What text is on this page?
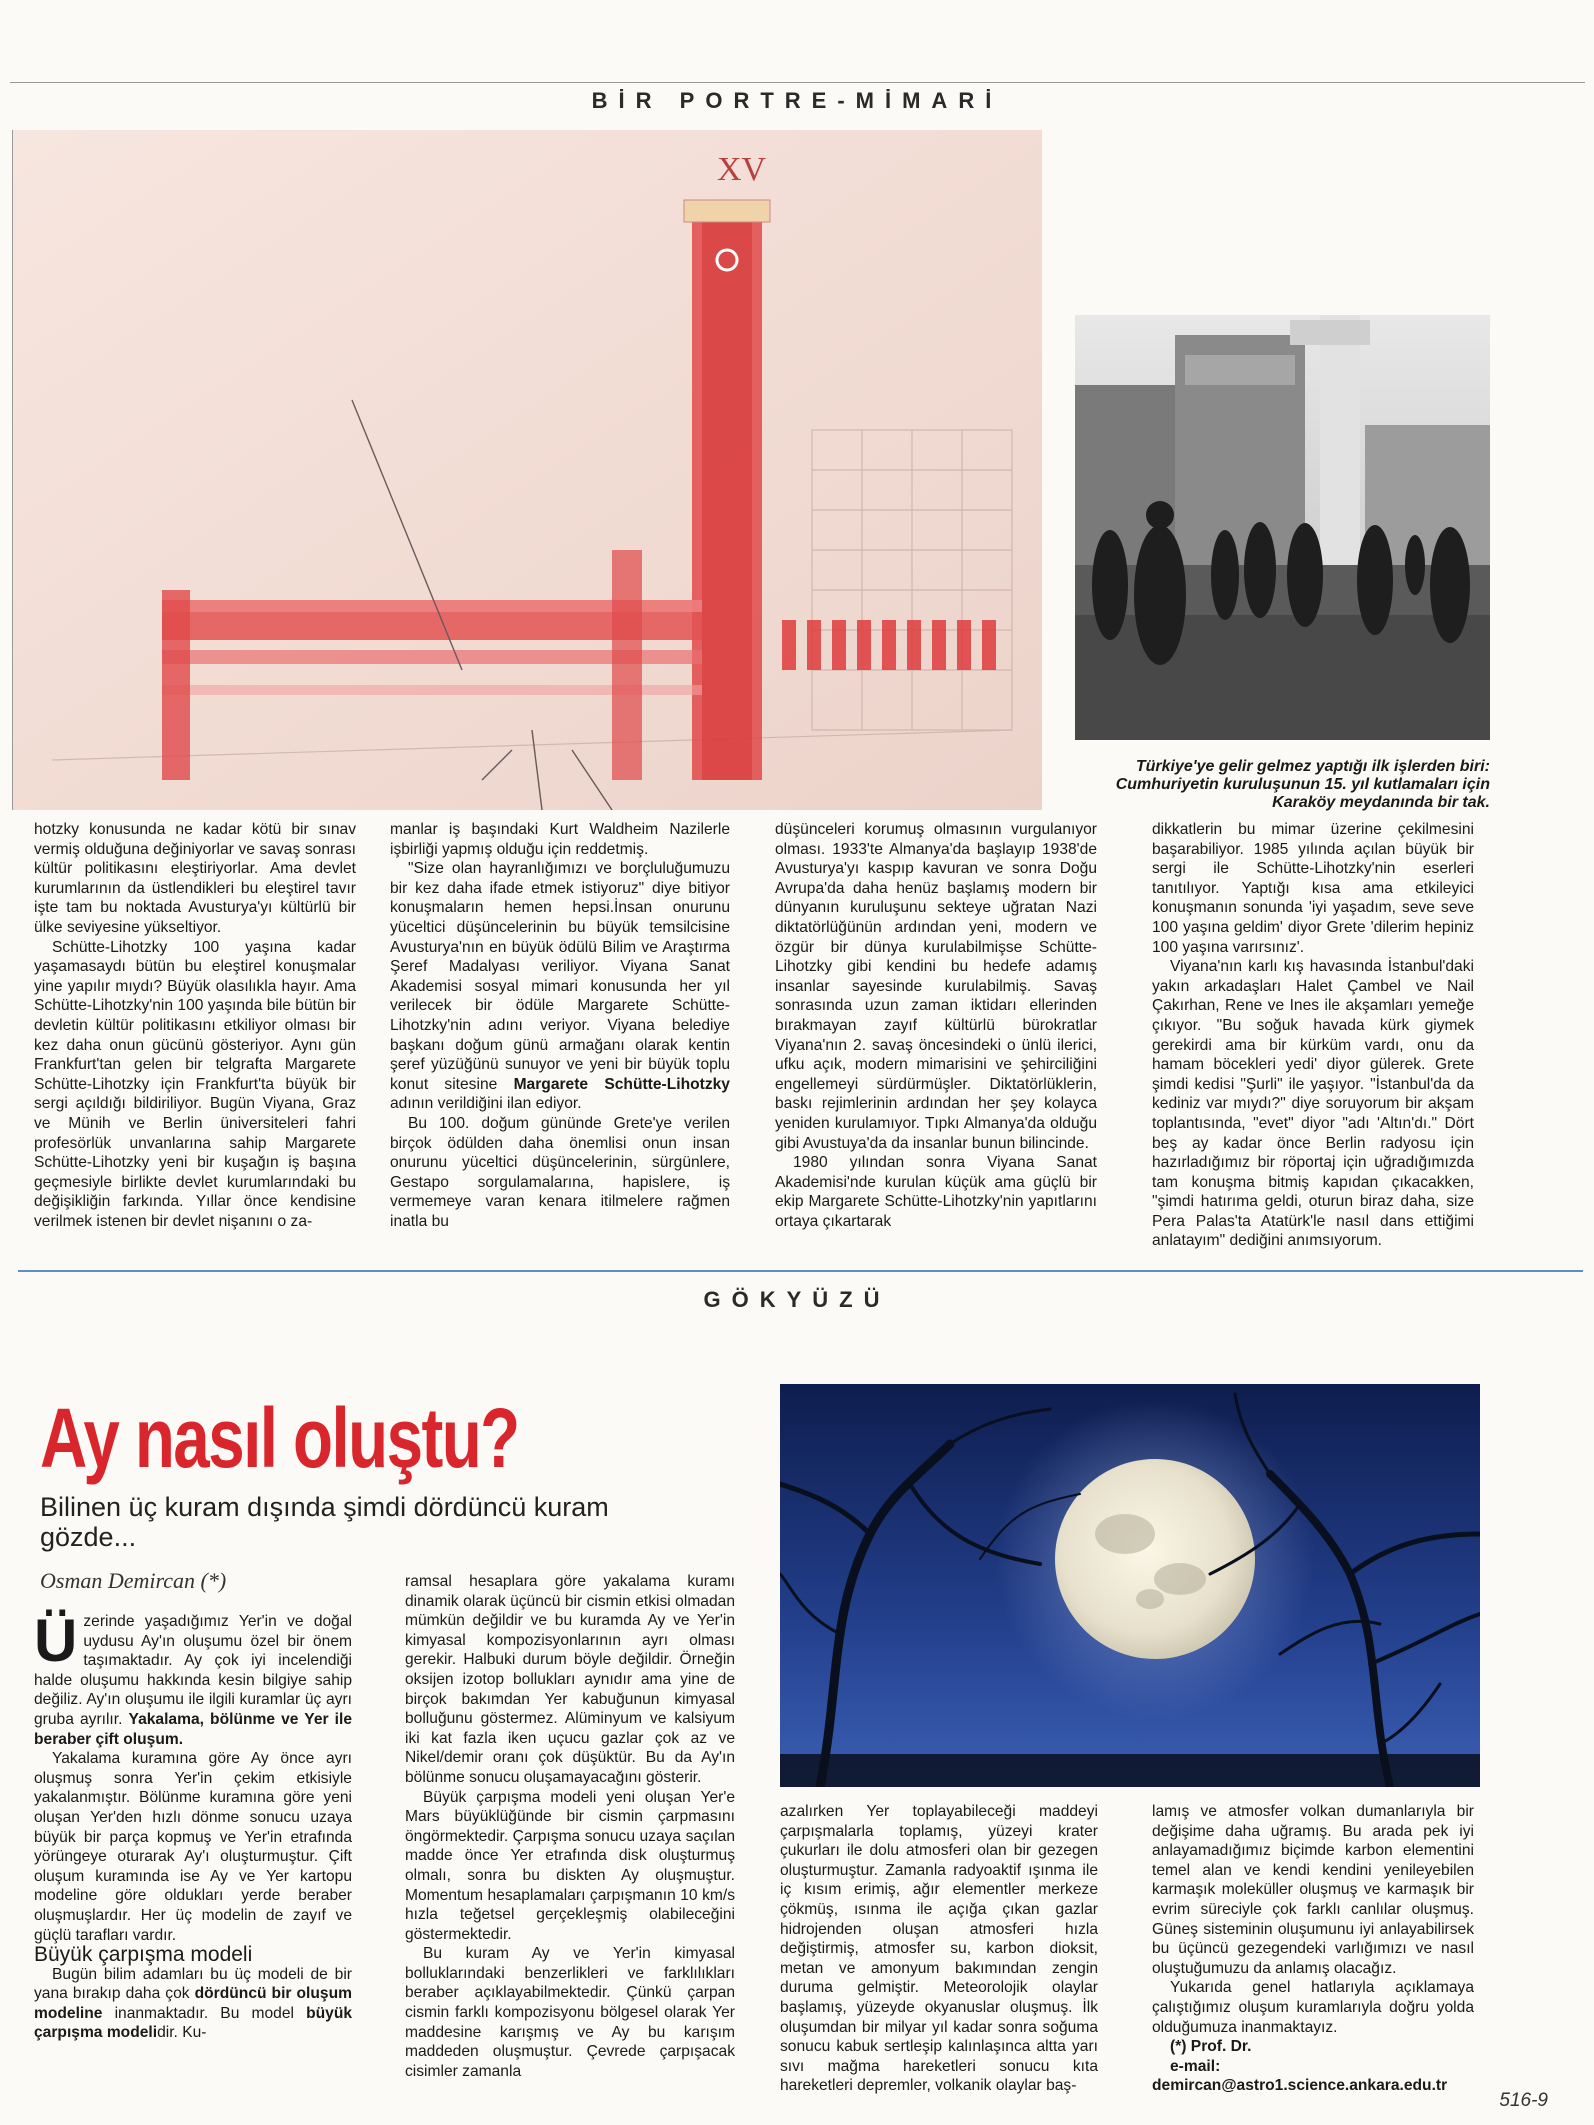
BİR PORTRE-MİMARİ
XV
Türkiye'ye gelir gelmez yaptığı ilk işlerden biri: Cumhuriyetin kuruluşunun 15. yıl kutlamaları için Karaköy meydanında bir tak.

hotzky konusunda ne kadar kötü bir sınav vermiş olduğuna değiniyorlar ve savaş sonrası kültür politikasını eleştiriyorlar. Ama devlet kurumlarının da üstlendikleri bu eleştirel tavır işte tam bu noktada Avusturya'yı kültürlü bir ülke seviyesine yükseltiyor.

Schütte-Lihotzky 100 yaşına kadar yaşamasaydı bütün bu eleştirel konuşmalar yine yapılır mıydı? Büyük olasılıkla hayır. Ama Schütte-Lihotzky'nin 100 yaşında bile bütün bir devletin kültür politikasını etkiliyor olması bir kez daha onun gücünü gösteriyor. Aynı gün Frankfurt'tan gelen bir telgrafta Margarete Schütte-Lihotzky için Frankfurt'ta büyük bir sergi açıldığı bildiriliyor. Bugün Viyana, Graz ve Münih ve Berlin üniversiteleri fahri profesörlük unvanlarına sahip Margarete Schütte-Lihotzky yeni bir kuşağın iş başına geçmesiyle birlikte devlet kurumlarındaki bu değişikliğin farkında. Yıllar önce kendisine verilmek istenen bir devlet nişanını o za-

manlar iş başındaki Kurt Waldheim Nazilerle işbirliği yapmış olduğu için reddetmiş.

"Size olan hayranlığımızı ve borçluluğumuzu bir kez daha ifade etmek istiyoruz" diye bitiyor konuşmaların hemen hepsi.İnsan onurunu yüceltici düşüncelerinin bu büyük temsilcisine Avusturya'nın en büyük ödülü Bilim ve Araştırma Şeref Madalyası veriliyor. Viyana Sanat Akademisi sosyal mimari konusunda her yıl verilecek bir ödüle Margarete Schütte-Lihotzky'nin adını veriyor. Viyana belediye başkanı doğum günü armağanı olarak kentin şeref yüzüğünü sunuyor ve yeni bir büyük toplu konut sitesine Margarete Schütte-Lihotzky adının verildiğini ilan ediyor.

Bu 100. doğum gününde Grete'ye verilen birçok ödülden daha önemlisi onun insan onurunu yüceltici düşüncelerinin, sürgünlere, Gestapo sorgulamalarına, hapislere, iş vermemeye varan kenara itilmelere rağmen inatla bu

düşünceleri korumuş olmasının vurgulanıyor olması. 1933'te Almanya'da başlayıp 1938'de Avusturya'yı kaspıp kavuran ve sonra Doğu Avrupa'da daha henüz başlamış modern bir dünyanın kuruluşunu sekteye uğratan Nazi diktatörlüğünün ardından yeni, modern ve özgür bir dünya kurulabilmişse Schütte-Lihotzky gibi kendini bu hedefe adamış insanlar sayesinde kurulabilmiş. Savaş sonrasında uzun zaman iktidarı ellerinden bırakmayan zayıf kültürlü bürokratlar Viyana'nın 2. savaş öncesindeki o ünlü ilerici, ufku açık, modern mimarisini ve şehirciliğini engellemeyi sürdürmüşler. Diktatörlüklerin, baskı rejimlerinin ardından her şey kolayca yeniden kurulamıyor. Tıpkı Almanya'da olduğu gibi Avustuya'da da insanlar bunun bilincinde.

1980 yılından sonra Viyana Sanat Akademisi'nde kurulan küçük ama güçlü bir ekip Margarete Schütte-Lihotzky'nin yapıtlarını ortaya çıkartarak

dikkatlerin bu mimar üzerine çekilmesini başarabiliyor. 1985 yılında açılan büyük bir sergi ile Schütte-Lihotzky'nin eserleri tanıtılıyor. Yaptığı kısa ama etkileyici konuşmanın sonunda 'iyi yaşadım, seve seve 100 yaşına geldim' diyor Grete 'dilerim hepiniz 100 yaşına varırsınız'.

Viyana'nın karlı kış havasında İstanbul'daki yakın arkadaşları Halet Çambel ve Nail Çakırhan, Rene ve Ines ile akşamları yemeğe çıkıyor. "Bu soğuk havada kürk giymek gerekirdi ama bir kürküm vardı, onu da hamam böcekleri yedi' diyor gülerek. Grete şimdi kedisi "Şurli" ile yaşıyor. "İstanbul'da da kediniz var mıydı?" diye soruyorum bir akşam toplantısında, "evet" diyor "adı 'Altın'dı." Dört beş ay kadar önce Berlin radyosu için hazırladığımız bir röportaj için uğradığımızda tam konuşma bitmiş kapıdan çıkacakken, "şimdi hatırıma geldi, oturun biraz daha, size Pera Palas'ta Atatürk'le nasıl dans ettiğimi anlatayım" dediğini anımsıyorum.

GÖKYÜZÜ
Ay nasıl oluştu?
Bilinen üç kuram dışında şimdi dördüncü kuram gözde...
Osman Demircan (*)

Üzerinde yaşadığımız Yer'in ve doğal uydusu Ay'ın oluşumu özel bir önem taşımaktadır. Ay çok iyi incelendiği halde oluşumu hakkında kesin bilgiye sahip değiliz. Ay'ın oluşumu ile ilgili kuramlar üç ayrı gruba ayrılır. Yakalama, bölünme ve Yer ile beraber çift oluşum.

Yakalama kuramına göre Ay önce ayrı oluşmuş sonra Yer'in çekim etkisiyle yakalanmıştır. Bölünme kuramına göre yeni oluşan Yer'den hızlı dönme sonucu uzaya büyük bir parça kopmuş ve Yer'in etrafında yörüngeye oturarak Ay'ı oluşturmuştur. Çift oluşum kuramında ise Ay ve Yer kartopu modeline göre oldukları yerde beraber oluşmuşlardır. Her üç modelin de zayıf ve güçlü tarafları vardır.

Büyük çarpışma modeli

Bugün bilim adamları bu üç modeli de bir yana bırakıp daha çok dördüncü bir oluşum modeline inanmaktadır. Bu model büyük çarpışma modelidir. Ku-

ramsal hesaplara göre yakalama kuramı dinamik olarak üçüncü bir cismin etkisi olmadan mümkün değildir ve bu kuramda Ay ve Yer'in kimyasal kompozisyonlarının ayrı olması gerekir. Halbuki durum böyle değildir. Örneğin oksijen izotop bollukları aynıdır ama yine de birçok bakımdan Yer kabuğunun kimyasal bolluğunu göstermez. Alüminyum ve kalsiyum iki kat fazla iken uçucu gazlar çok az ve Nikel/demir oranı çok düşüktür. Bu da Ay'ın bölünme sonucu oluşamayacağını gösterir.

Büyük çarpışma modeli yeni oluşan Yer'e Mars büyüklüğünde bir cismin çarpmasını öngörmektedir. Çarpışma sonucu uzaya saçılan madde önce Yer etrafında disk oluşturmuş olmalı, sonra bu diskten Ay oluşmuştur. Momentum hesaplamaları çarpışmanın 10 km/s hızla teğetsel gerçekleşmiş olabileceğini göstermektedir.

Bu kuram Ay ve Yer'in kimyasal bolluklarındaki benzerlikleri ve farklılıkları beraber açıklayabilmektedir. Çünkü çarpan cismin farklı kompozisyonu bölgesel olarak Yer maddesine karışmış ve Ay bu karışım maddeden oluşmuştur. Çevrede çarpışacak cisimler zamanla

azalırken Yer toplayabileceği maddeyi çarpışmalarla toplamış, yüzeyi krater çukurları ile dolu atmosferi olan bir gezegen oluşturmuştur. Zamanla radyoaktif ışınma ile iç kısım erimiş, ağır elementler merkeze çökmüş, ısınma ile açığa çıkan gazlar hidrojenden oluşan atmosferi hızla değiştirmiş, atmosfer su, karbon dioksit, metan ve amonyum bakımından zengin duruma gelmiştir. Meteorolojik olaylar başlamış, yüzeyde okyanuslar oluşmuş. İlk oluşumdan bir milyar yıl kadar sonra soğuma sonucu kabuk sertleşip kalınlaşınca altta yarı sıvı mağma hareketleri sonucu kıta hareketleri depremler, volkanik olaylar baş-

lamış ve atmosfer volkan dumanlarıyla bir değişime daha uğramış. Bu arada pek iyi anlayamadığımız biçimde karbon elementini temel alan ve kendi kendini yenileyebilen karmaşık moleküller oluşmuş ve karmaşık bir evrim süreciyle çok farklı canlılar oluşmuş. Güneş sisteminin oluşumunu iyi anlayabilirsek bu üçüncü gezegendeki varlığımızı ve nasıl oluştuğumuzu da anlamış olacağız.

Yukarıda genel hatlarıyla açıklamaya çalıştığımız oluşum kuramlarıyla doğru yolda olduğumuza inanmaktayız.

(*) Prof. Dr.

e-mail: demircan@astro1.science.ankara.edu.tr

516-9
